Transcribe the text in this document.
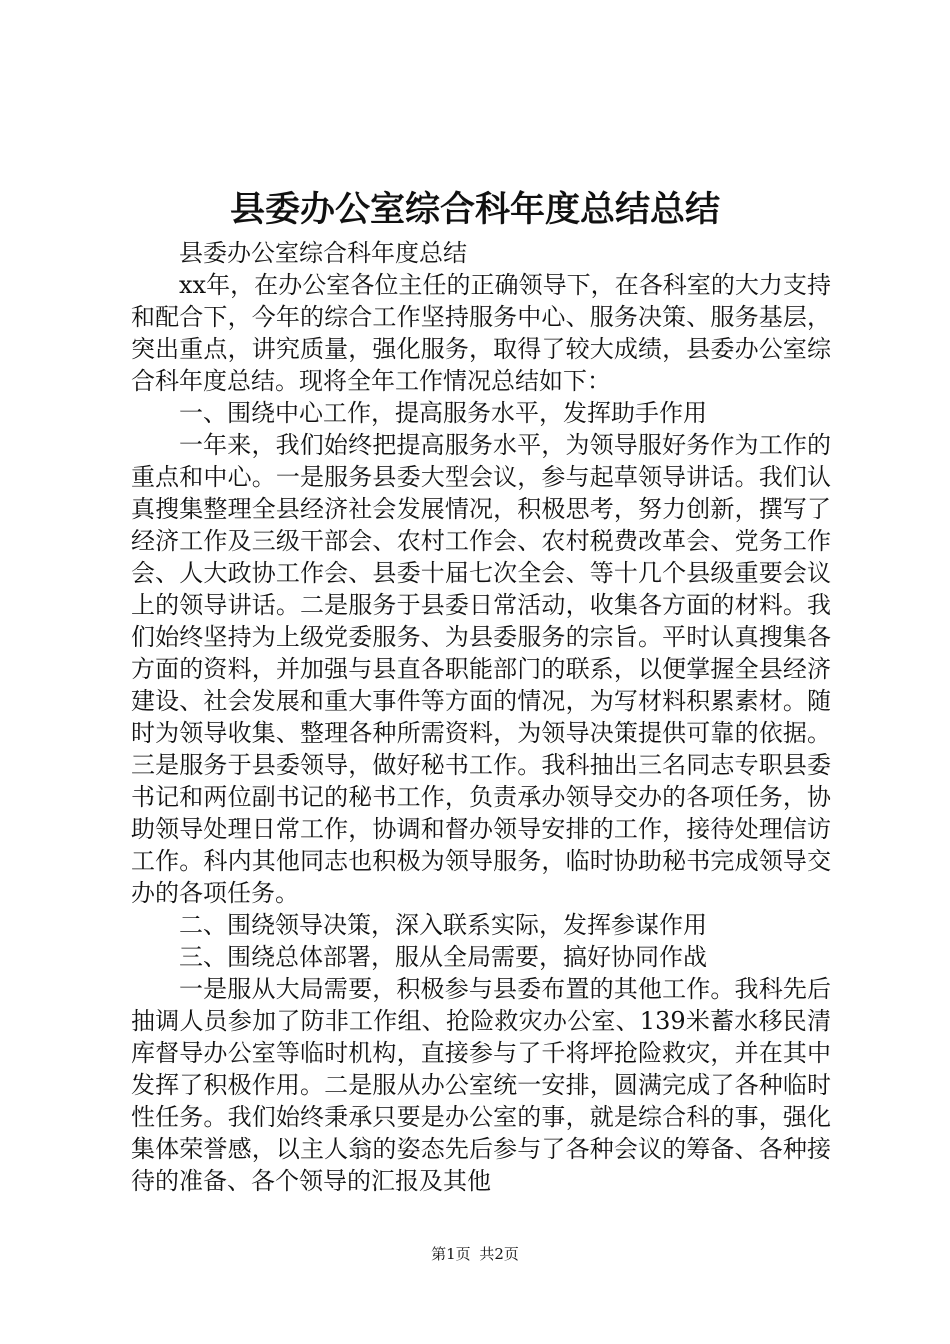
县委办公室综合科年度总结总结

县委办公室综合科年度总结

xx年，在办公室各位主任的正确领导下，在各科室的大力支持和配合下，今年的综合工作坚持服务中心、服务决策、服务基层，突出重点，讲究质量，强化服务，取得了较大成绩，县委办公室综合科年度总结。现将全年工作情况总结如下：

一、围绕中心工作，提高服务水平，发挥助手作用

一年来，我们始终把提高服务水平，为领导服好务作为工作的重点和中心。一是服务县委大型会议，参与起草领导讲话。我们认真搜集整理全县经济社会发展情况，积极思考，努力创新，撰写了经济工作及三级干部会、农村工作会、农村税费改革会、党务工作会、人大政协工作会、县委十届七次全会、等十几个县级重要会议上的领导讲话。二是服务于县委日常活动，收集各方面的材料。我们始终坚持为上级党委服务、为县委服务的宗旨。平时认真搜集各方面的资料，并加强与县直各职能部门的联系，以便掌握全县经济建设、社会发展和重大事件等方面的情况，为写材料积累素材。随时为领导收集、整理各种所需资料，为领导决策提供可靠的依据。三是服务于县委领导，做好秘书工作。我科抽出三名同志专职县委书记和两位副书记的秘书工作，负责承办领导交办的各项任务，协助领导处理日常工作，协调和督办领导安排的工作，接待处理信访工作。科内其他同志也积极为领导服务，临时协助秘书完成领导交办的各项任务。

二、围绕领导决策，深入联系实际，发挥参谋作用

三、围绕总体部署，服从全局需要，搞好协同作战

一是服从大局需要，积极参与县委布置的其他工作。我科先后抽调人员参加了防非工作组、抢险救灾办公室、139米蓄水移民清库督导办公室等临时机构，直接参与了千将坪抢险救灾，并在其中发挥了积极作用。二是服从办公室统一安排，圆满完成了各种临时性任务。我们始终秉承只要是办公室的事，就是综合科的事，强化集体荣誉感，以主人翁的姿态先后参与了各种会议的筹备、各种接待的准备、各个领导的汇报及其他

第1页 共2页
